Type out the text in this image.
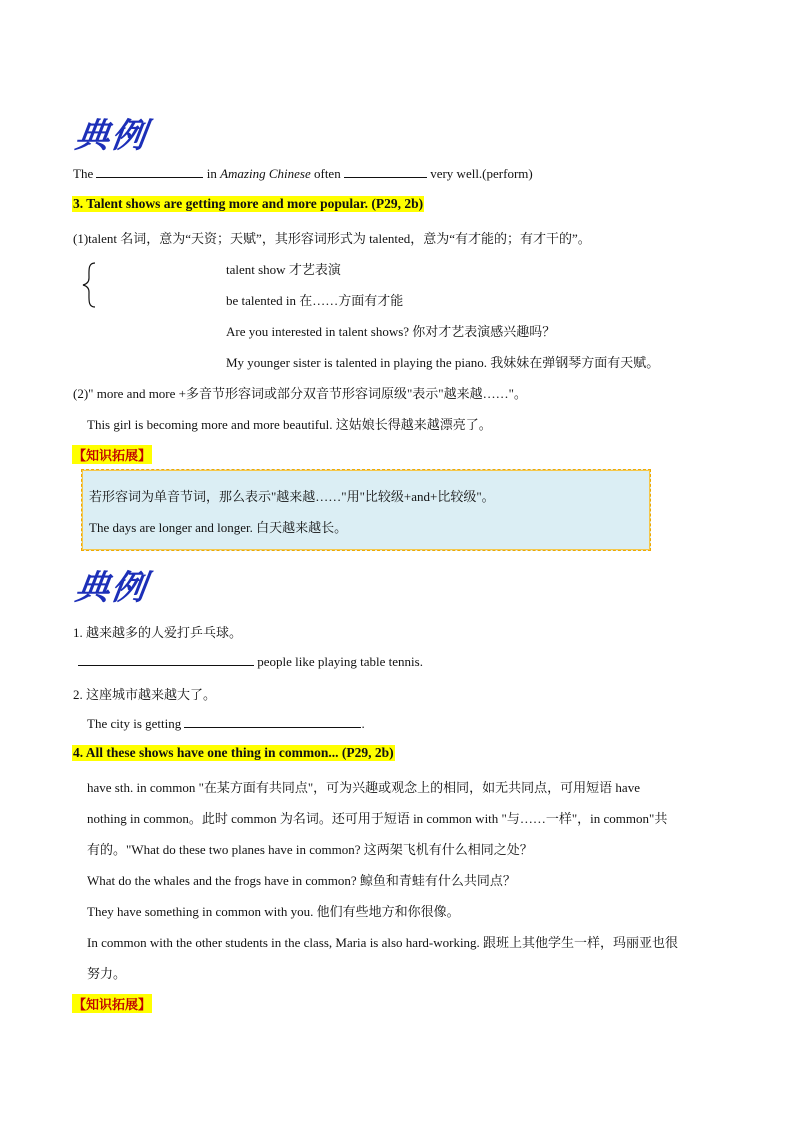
典例
The	in Amazing Chinese often	very well.(perform)
3. Talent shows are getting more and more popular. (P29, 2b)
(1)talent 名词，意为“天资；天赋”，其形容词形式为 talented，意为“有才能的；有才干的”。
talent show 才艺表演
be talented in 在……方面有才能
Are you interested in talent shows? 你对才艺表演感兴趣吗？
My younger sister is talented in playing the piano. 我妹妹在弹钢琴方面有天赋。
(2)" more and more +多音节形容词或部分双音节形容词原级"表示"越来越……"。
This girl is becoming more and more beautiful. 这姑娘长得越来越漂亮了。
【知识拓展】
若形容词为单音节词，那么表示"越来越……"用"比较级+and+比较级"。
The days are longer and longer. 白天越来越长。
典例
1. 越来越多的人爱打乒乓球。
people like playing table tennis.
2. 这座城市越来越大了。
The city is getting	.
4. All these shows have one thing in common... (P29, 2b)
have sth. in common "在某方面有共同点"，可为兴趣或观念上的相同，如无共同点，可用短语 have
nothing in common。此时 common 为名词。还可用于短语 in common with "与……一样"，in common"共
有的。"What do these two planes have in common? 这两架飞机有什么相同之处？
What do the whales and the frogs have in common? 鲸鱼和青蛙有什么共同点？
They have something in common with you. 他们有些地方和你很像。
In common with the other students in the class, Maria is also hard-working. 跟班上其他学生一样，玛丽亚也很
努力。
【知识拓展】
